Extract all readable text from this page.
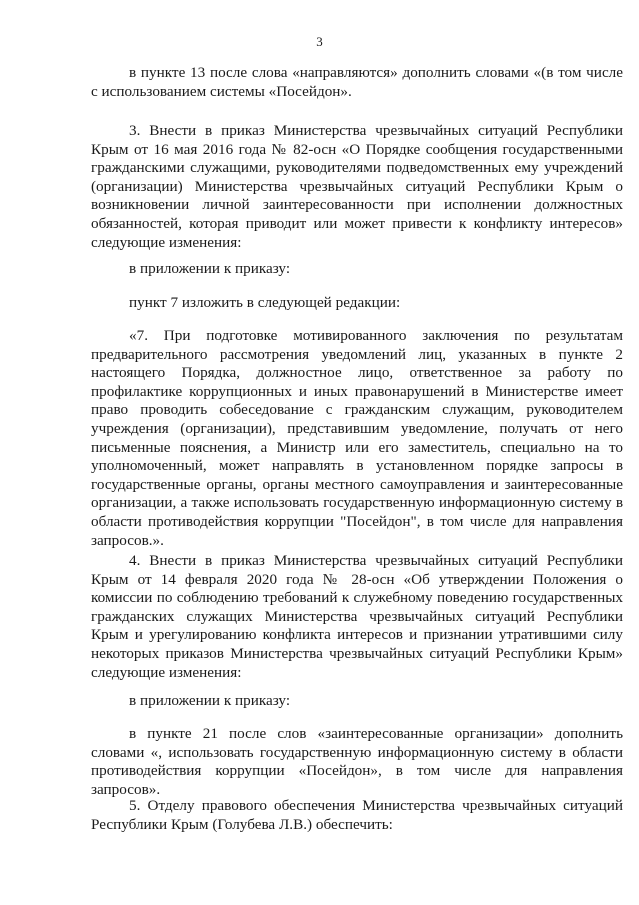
3

в пункте 13 после слова «направляются» дополнить словами «(в том числе с использованием системы «Посейдон».

3. Внести в приказ Министерства чрезвычайных ситуаций Республики Крым от 16 мая 2016 года № 82-осн «О Порядке сообщения государственными гражданскими служащими, руководителями подведомственных ему учреждений (организации) Министерства чрезвычайных ситуаций Республики Крым о возникновении личной заинтересованности при исполнении должностных обязанностей, которая приводит или может привести к конфликту интересов» следующие изменения:

в приложении к приказу:

пункт 7 изложить в следующей редакции:

«7. При подготовке мотивированного заключения по результатам предварительного рассмотрения уведомлений лиц, указанных в пункте 2 настоящего Порядка, должностное лицо, ответственное за работу по профилактике коррупционных и иных правонарушений в Министерстве имеет право проводить собеседование с гражданским служащим, руководителем учреждения (организации), представившим уведомление, получать от него письменные пояснения, а Министр или его заместитель, специально на то уполномоченный, может направлять в установленном порядке запросы в государственные органы, органы местного самоуправления и заинтересованные организации, а также использовать государственную информационную систему в области противодействия коррупции "Посейдон", в том числе для направления запросов.».

4. Внести в приказ Министерства чрезвычайных ситуаций Республики Крым от 14 февраля 2020 года № 28-осн «Об утверждении Положения о комиссии по соблюдению требований к служебному поведению государственных гражданских служащих Министерства чрезвычайных ситуаций Республики Крым и урегулированию конфликта интересов и признании утратившими силу некоторых приказов Министерства чрезвычайных ситуаций Республики Крым» следующие изменения:

в приложении к приказу:

в пункте 21 после слов «заинтересованные организации» дополнить словами «, использовать государственную информационную систему в области противодействия коррупции «Посейдон», в том числе для направления запросов».

5. Отделу правового обеспечения Министерства чрезвычайных ситуаций Республики Крым (Голубева Л.В.) обеспечить:
